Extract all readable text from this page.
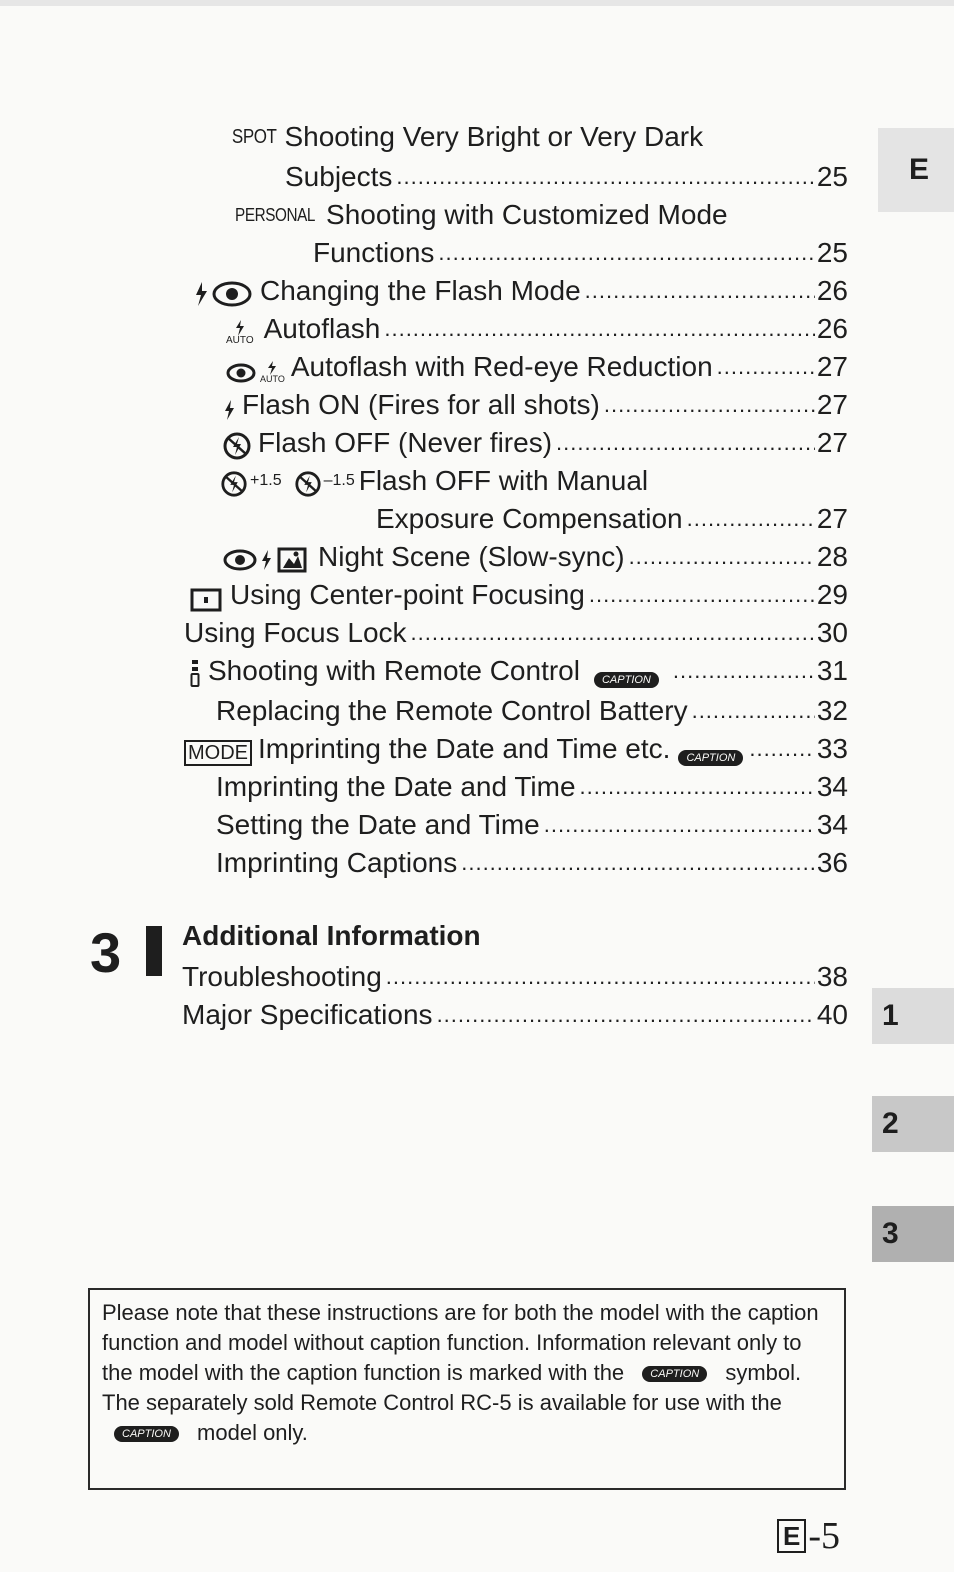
E
1
2
3
SPOT Shooting Very Bright or Very Dark
Subjects .....	25
PERSONAL Shooting with Customized Mode
Functions .....	25
Changing the Flash Mode .....	26
AUTO Autoflash .....	26
AUTO Autoflash with Red-eye Reduction .....	27
Flash ON (Fires for all shots) .....	27
Flash OFF (Never fires) .....	27
+1.5	–1.5 Flash OFF with Manual
Exposure Compensation .....	27
Night Scene (Slow-sync) .....	28
Using Center-point Focusing .....	29
Using Focus Lock .....	30
Shooting with Remote Control	CAPTION .....	31
Replacing the Remote Control Battery .....	32
MODE Imprinting the Date and Time etc.	CAPTION .....	33
Imprinting the Date and Time .....	34
Setting the Date and Time .....	34
Imprinting Captions .....	36
3 Additional Information
Troubleshooting .....	38
Major Specifications .....	40

Please note that these instructions are for both the model with the caption function and model without caption function. Information relevant only to the model with the caption function is marked with the CAPTION symbol.

The separately sold Remote Control RC-5 is available for use with the CAPTION model only.

E -5
